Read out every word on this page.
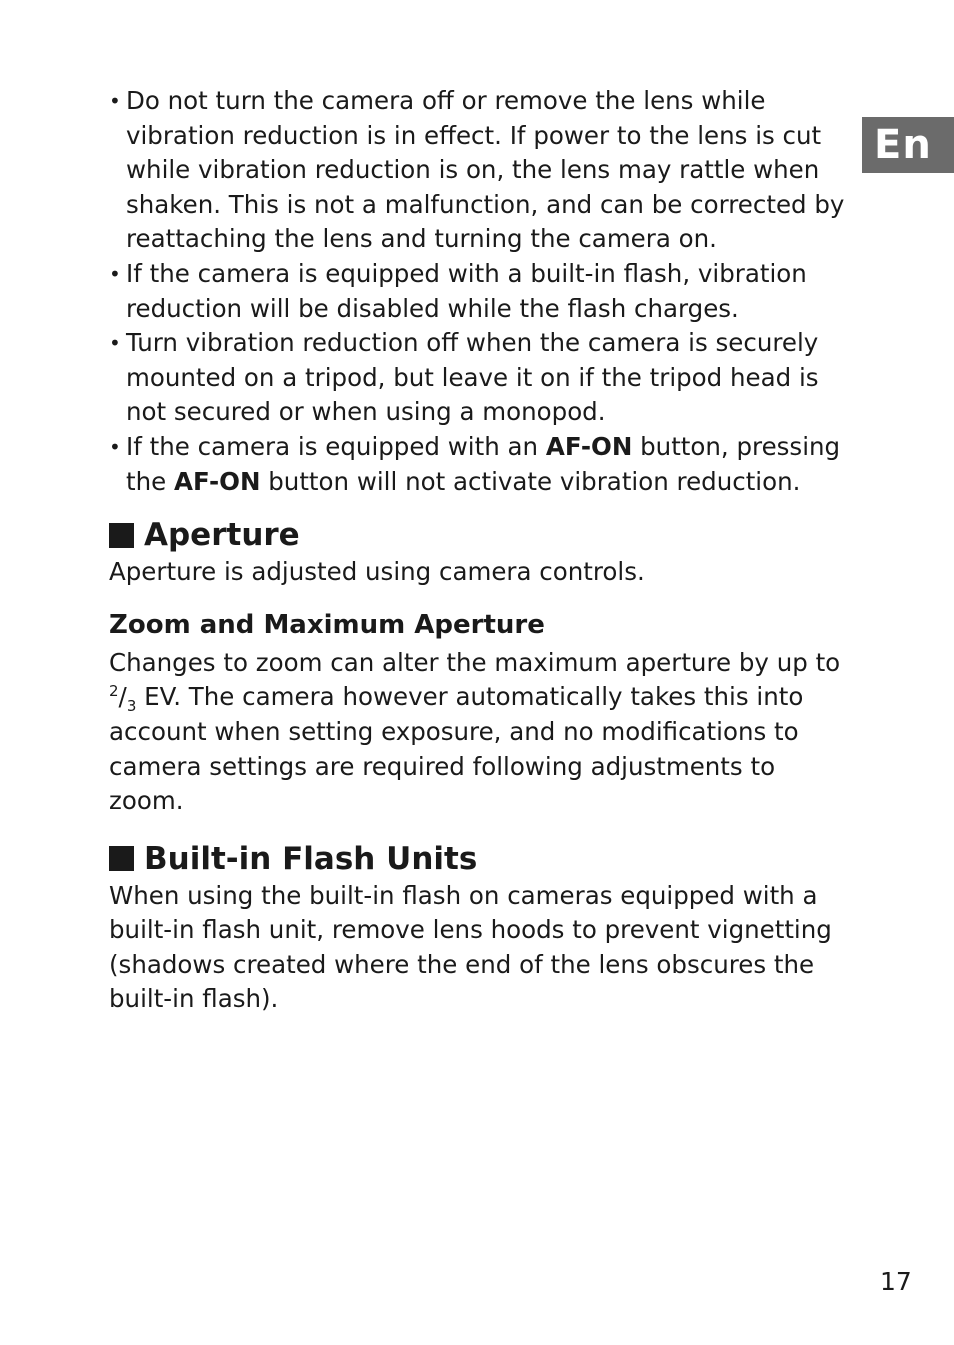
En
• Do not turn the camera off or remove the lens while vibration reduction is in effect. If power to the lens is cut while vibration reduction is on, the lens may rattle when shaken. This is not a malfunction, and can be corrected by reattaching the lens and turning the camera on.
• If the camera is equipped with a built-in flash, vibration reduction will be disabled while the flash charges.
• Turn vibration reduction off when the camera is securely mounted on a tripod, but leave it on if the tripod head is not secured or when using a monopod.
• If the camera is equipped with an AF-ON button, pressing the AF-ON button will not activate vibration reduction.
Aperture

Aperture is adjusted using camera controls.

Zoom and Maximum Aperture

Changes to zoom can alter the maximum aperture by up to $^2/_3$ EV. The camera however automatically takes this into account when setting exposure, and no modifications to camera settings are required following adjustments to zoom.

Built-in Flash Units

When using the built-in flash on cameras equipped with a built-in flash unit, remove lens hoods to prevent vignetting (shadows created where the end of the lens obscures the built-in flash).

17
